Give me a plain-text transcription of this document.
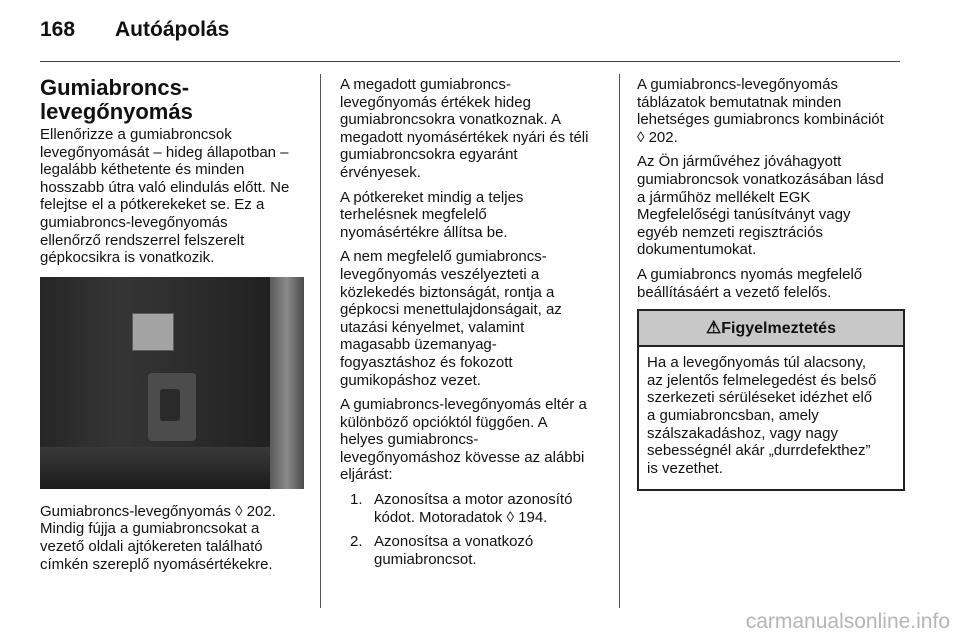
168 Autóápolás
Gumiabroncs-
levegőnyomás

Ellenőrizze a gumiabroncsok
levegőnyomását – hideg állapotban –
legalább kéthetente és minden
hosszabb útra való elindulás előtt. Ne
felejtse el a pótkerekeket se. Ez a
gumiabroncs-levegőnyomás
ellenőrző rendszerrel felszerelt
gépkocsikra is vonatkozik.

Gumiabroncs-levegőnyomás ◊ 202.
Mindig fújja a gumiabroncsokat a
vezető oldali ajtókereten található
címkén szereplő nyomásértékekre.

A megadott gumiabroncs-
levegőnyomás értékek hideg
gumiabroncsokra vonatkoznak. A
megadott nyomásértékek nyári és téli
gumiabroncsokra egyaránt
érvényesek.

A pótkereket mindig a teljes
terhelésnek megfelelő
nyomásértékre állítsa be.

A nem megfelelő gumiabroncs-
levegőnyomás veszélyezteti a
közlekedés biztonságát, rontja a
gépkocsi menettulajdonságait, az
utazási kényelmet, valamint
magasabb üzemanyag-
fogyasztáshoz és fokozott
gumikopáshoz vezet.

A gumiabroncs-levegőnyomás eltér a
különböző opcióktól függően. A
helyes gumiabroncs-
levegőnyomáshoz kövesse az alábbi
eljárást:

1. Azonosítsa a motor azonosító
kódot. Motoradatok ◊ 194.
2. Azonosítsa a vonatkozó
gumiabroncsot.

A gumiabroncs-levegőnyomás
táblázatok bemutatnak minden
lehetséges gumiabroncs kombinációt
◊ 202.

Az Ön járművéhez jóváhagyott
gumiabroncsok vonatkozásában lásd
a járműhöz mellékelt EGK
Megfelelőségi tanúsítványt vagy
egyéb nemzeti regisztrációs
dokumentumokat.

A gumiabroncs nyomás megfelelő
beállításáért a vezető felelős.

⚠Figyelmeztetés
Ha a levegőnyomás túl alacsony,
az jelentős felmelegedést és belső
szerkezeti sérüléseket idézhet elő
a gumiabroncsban, amely
szálszakadáshoz, vagy nagy
sebességnél akár „durrdefekthez”
is vezethet.
carmanualsonline.info
